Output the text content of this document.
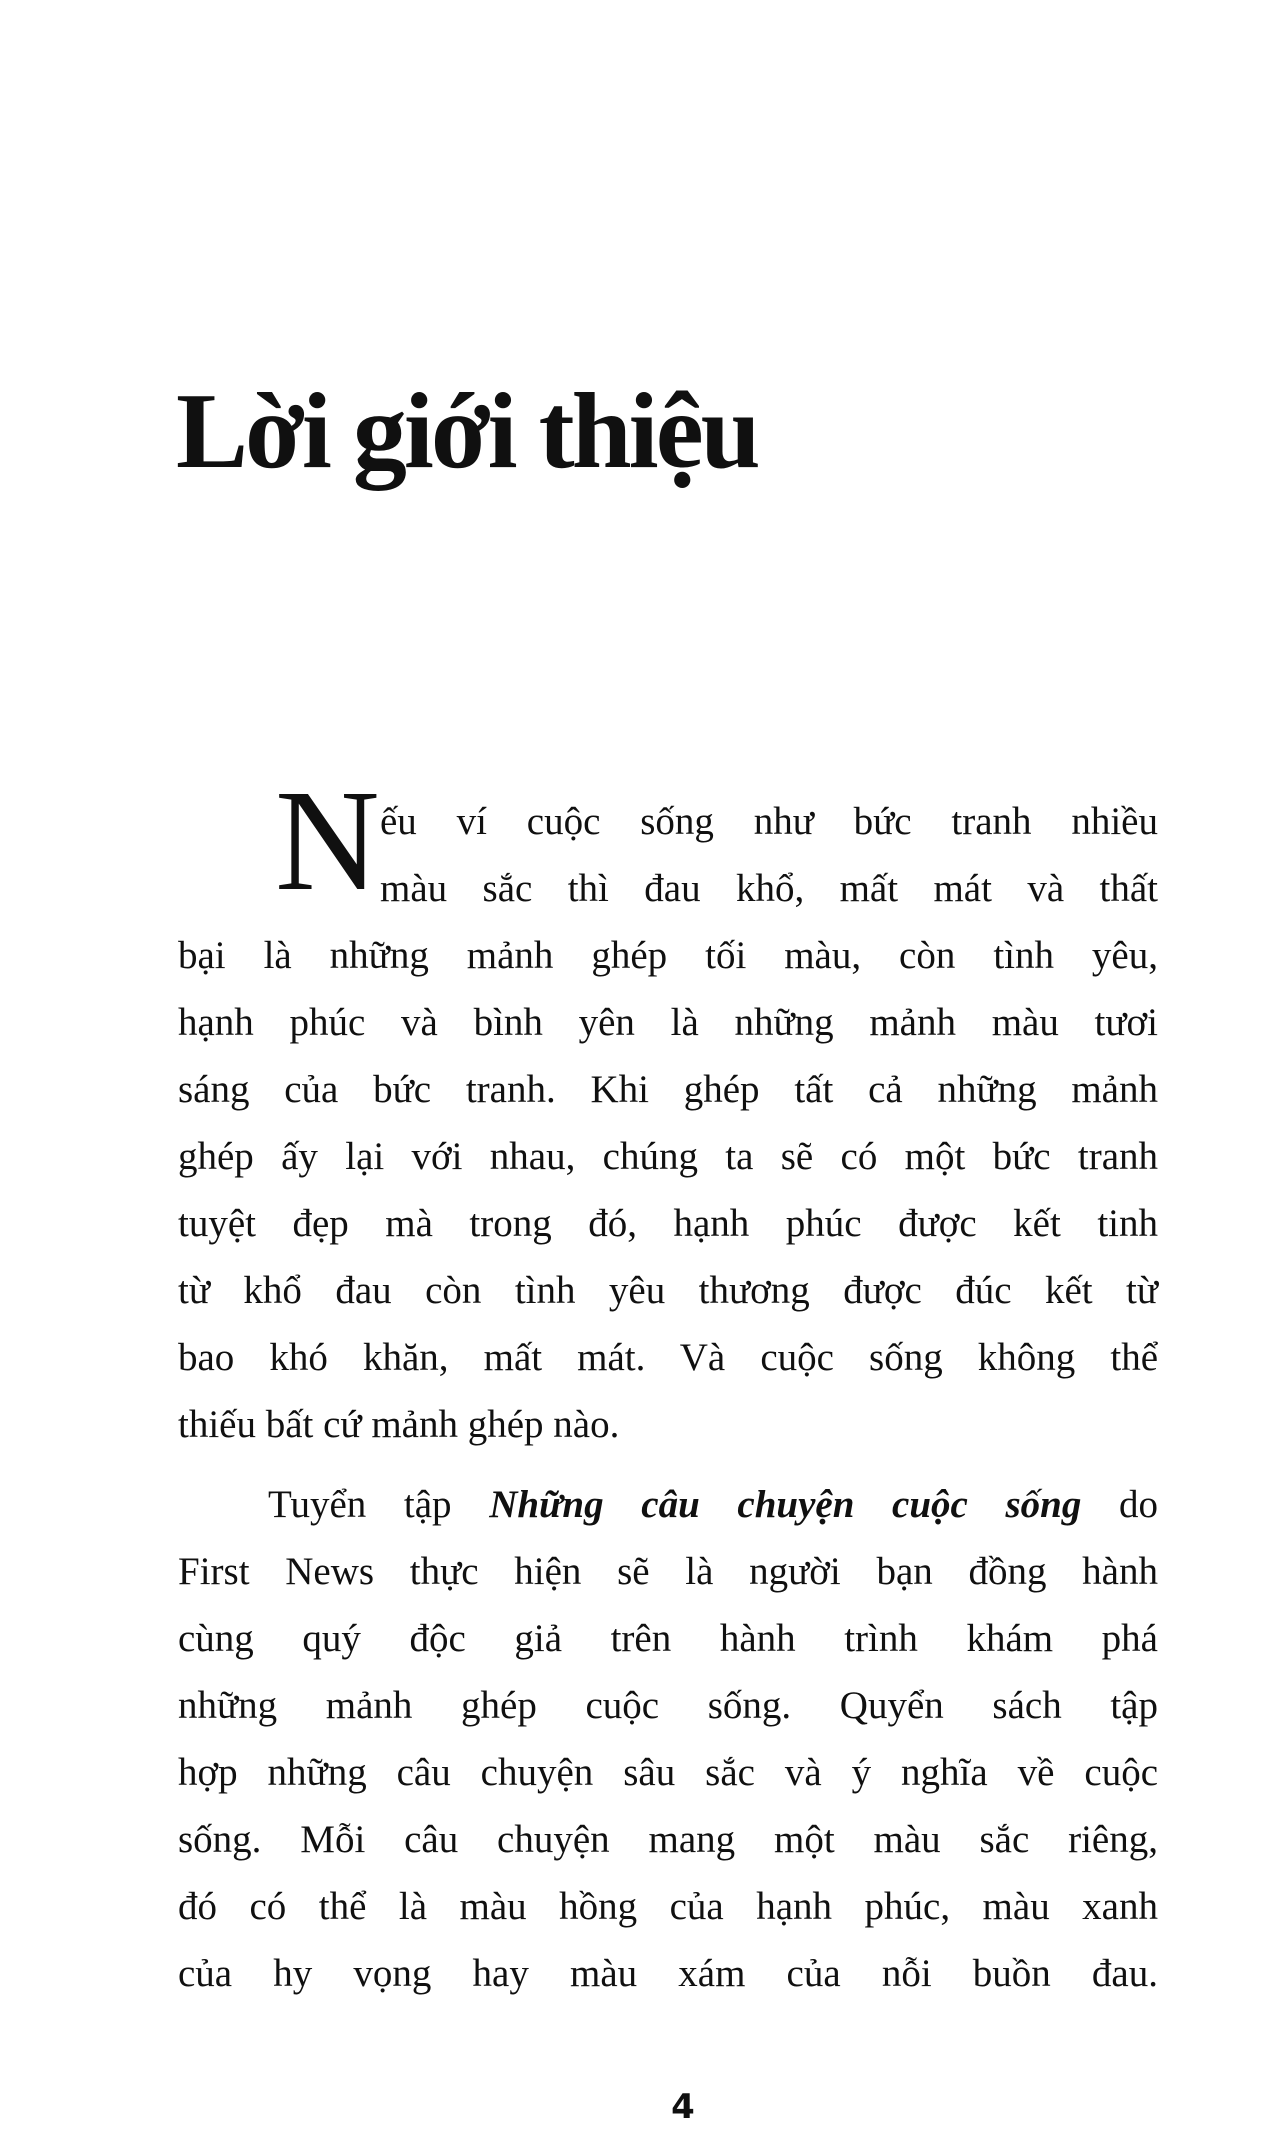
Lời giới thiệu
N ếu ví cuộc sống như bức tranh nhiều
màu sắc thì đau khổ, mất mát và thất
bại là những mảnh ghép tối màu, còn tình yêu,
hạnh phúc và bình yên là những mảnh màu tươi
sáng của bức tranh. Khi ghép tất cả những mảnh
ghép ấy lại với nhau, chúng ta sẽ có một bức tranh
tuyệt đẹp mà trong đó, hạnh phúc được kết tinh
từ khổ đau còn tình yêu thương được đúc kết từ
bao khó khăn, mất mát. Và cuộc sống không thể
thiếu bất cứ mảnh ghép nào.
Tuyển tập Những câu chuyện cuộc sống do
First News thực hiện sẽ là người bạn đồng hành
cùng quý độc giả trên hành trình khám phá
những mảnh ghép cuộc sống. Quyển sách tập
hợp những câu chuyện sâu sắc và ý nghĩa về cuộc
sống. Mỗi câu chuyện mang một màu sắc riêng,
đó có thể là màu hồng của hạnh phúc, màu xanh
của hy vọng hay màu xám của nỗi buồn đau.
4
